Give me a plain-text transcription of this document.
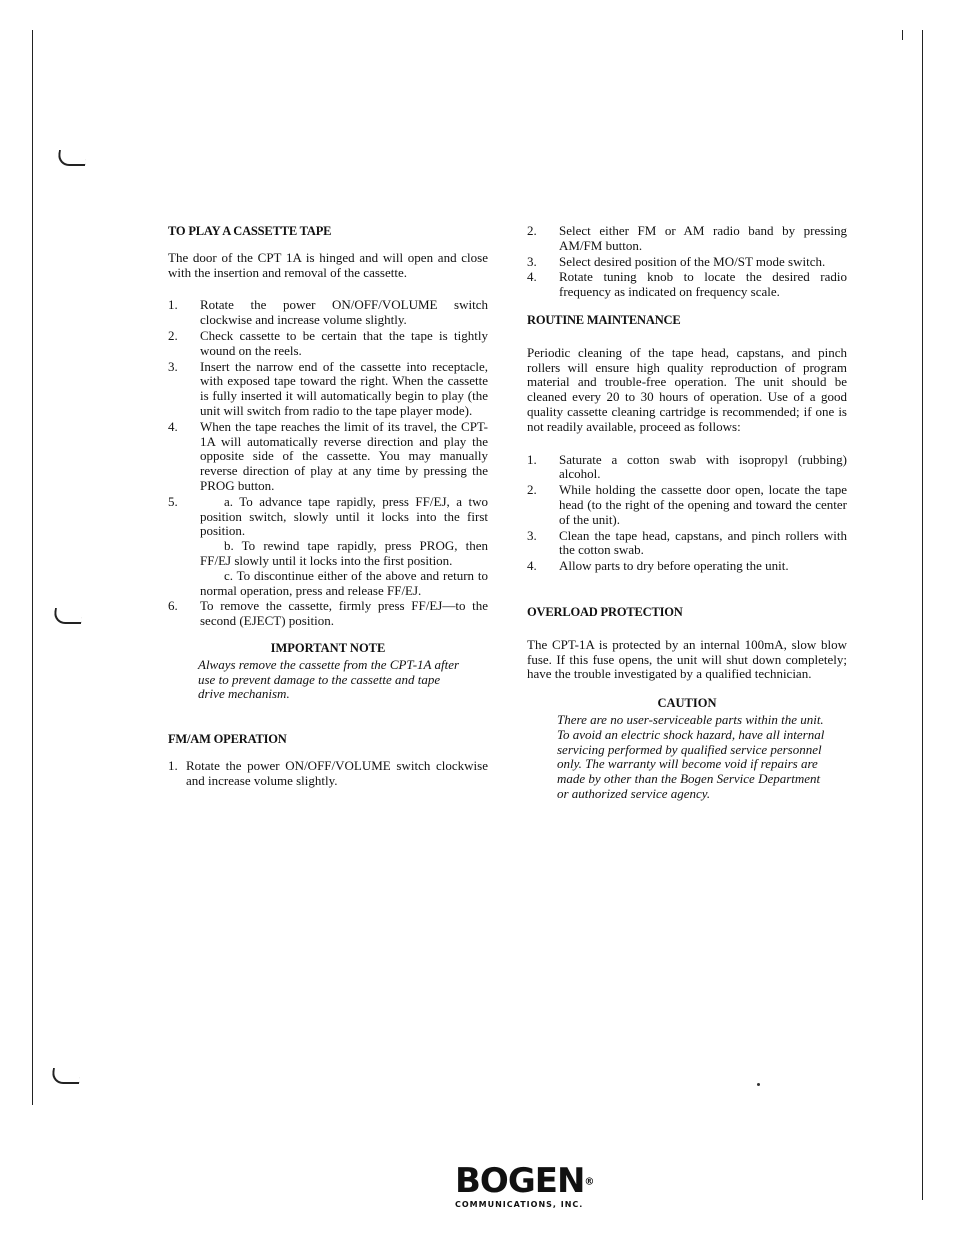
TO PLAY A CASSETTE TAPE

The door of the CPT 1A is hinged and will open and close with the insertion and removal of the cassette.

1. Rotate the power ON/OFF/VOLUME switch clockwise and increase volume slightly.
2. Check cassette to be certain that the tape is tightly wound on the reels.
3. Insert the narrow end of the cassette into receptacle, with exposed tape toward the right. When the cassette is fully inserted it will automatically begin to play (the unit will switch from radio to the tape player mode).
4. When the tape reaches the limit of its travel, the CPT-1A will automatically reverse direction and play the opposite side of the cassette. You may manually reverse direction of play at any time by pressing the PROG button.
5.	a. To advance tape rapidly, press FF/EJ, a two position switch, slowly until it locks into the first position.
b. To rewind tape rapidly, press PROG, then FF/EJ slowly until it locks into the first position.
c. To discontinue either of the above and return to normal operation, press and release FF/EJ.
6. To remove the cassette, firmly press FF/EJ—to the second (EJECT) position.

IMPORTANT NOTE

Always remove the cassette from the CPT-1A after use to prevent damage to the cassette and tape drive mechanism.

FM/AM OPERATION

1. Rotate the power ON/OFF/VOLUME switch clockwise and increase volume slightly.
2. Select either FM or AM radio band by pressing AM/FM button.
3. Select desired position of the MO/ST mode switch.
4. Rotate tuning knob to locate the desired radio frequency as indicated on frequency scale.

ROUTINE MAINTENANCE

Periodic cleaning of the tape head, capstans, and pinch rollers will ensure high quality reproduction of program material and trouble-free operation. The unit should be cleaned every 20 to 30 hours of operation. Use of a good quality cassette cleaning cartridge is recommended; if one is not readily available, proceed as follows:

1. Saturate a cotton swab with isopropyl (rubbing) alcohol.
2. While holding the cassette door open, locate the tape head (to the right of the opening and toward the center of the unit).
3. Clean the tape head, capstans, and pinch rollers with the cotton swab.
4. Allow parts to dry before operating the unit.

OVERLOAD PROTECTION

The CPT-1A is protected by an internal 100mA, slow blow fuse. If this fuse opens, the unit will shut down completely; have the trouble investigated by a qualified technician.

CAUTION

There are no user-serviceable parts within the unit. To avoid an electric shock hazard, have all internal servicing performed by qualified service personnel only. The warranty will become void if repairs are made by other than the Bogen Service Department or authorized service agency.

BOGEN®
COMMUNICATIONS, INC.
